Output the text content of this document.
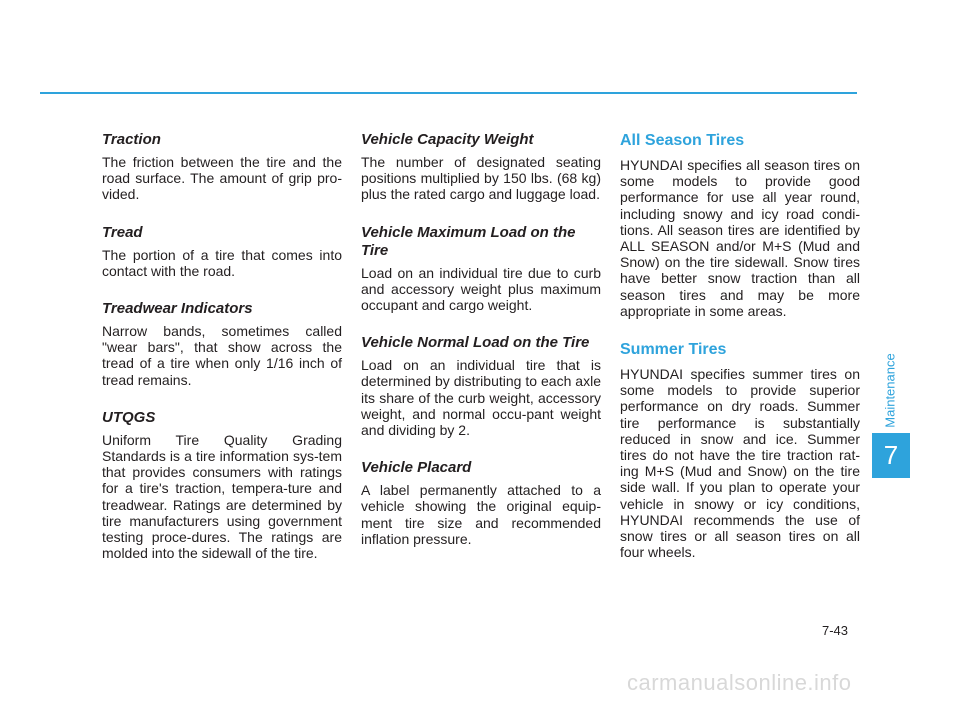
Traction

The friction between the tire and the road surface. The amount of grip pro-vided.

Tread

The portion of a tire that comes into contact with the road.

Treadwear Indicators

Narrow bands, sometimes called "wear bars", that show across the tread of a tire when only 1/16 inch of tread remains.

UTQGS

Uniform Tire Quality Grading Standards is a tire information sys-tem that provides consumers with ratings for a tire's traction, tempera-ture and treadwear. Ratings are determined by tire manufacturers using government testing proce-dures. The ratings are molded into the sidewall of the tire.

Vehicle Capacity Weight

The number of designated seating positions multiplied by 150 lbs. (68 kg) plus the rated cargo and luggage load.

Vehicle Maximum Load on the Tire

Load on an individual tire due to curb and accessory weight plus maximum occupant and cargo weight.

Vehicle Normal Load on the Tire

Load on an individual tire that is determined by distributing to each axle its share of the curb weight, accessory weight, and normal occu-pant weight and dividing by 2.

Vehicle Placard

A label permanently attached to a vehicle showing the original equip-ment tire size and recommended inflation pressure.

All Season Tires

HYUNDAI specifies all season tires on some models to provide good performance for use all year round, including snowy and icy road condi-tions. All season tires are identified by ALL SEASON and/or M+S (Mud and Snow) on the tire sidewall. Snow tires have better snow traction than all season tires and may be more appropriate in some areas.

Summer Tires

HYUNDAI specifies summer tires on some models to provide superior performance on dry roads. Summer tire performance is substantially reduced in snow and ice. Summer tires do not have the tire traction rat-ing M+S (Mud and Snow) on the tire side wall. If you plan to operate your vehicle in snowy or icy conditions, HYUNDAI recommends the use of snow tires or all season tires on all four wheels.

Maintenance
7
7-43
carmanualsonline.info
